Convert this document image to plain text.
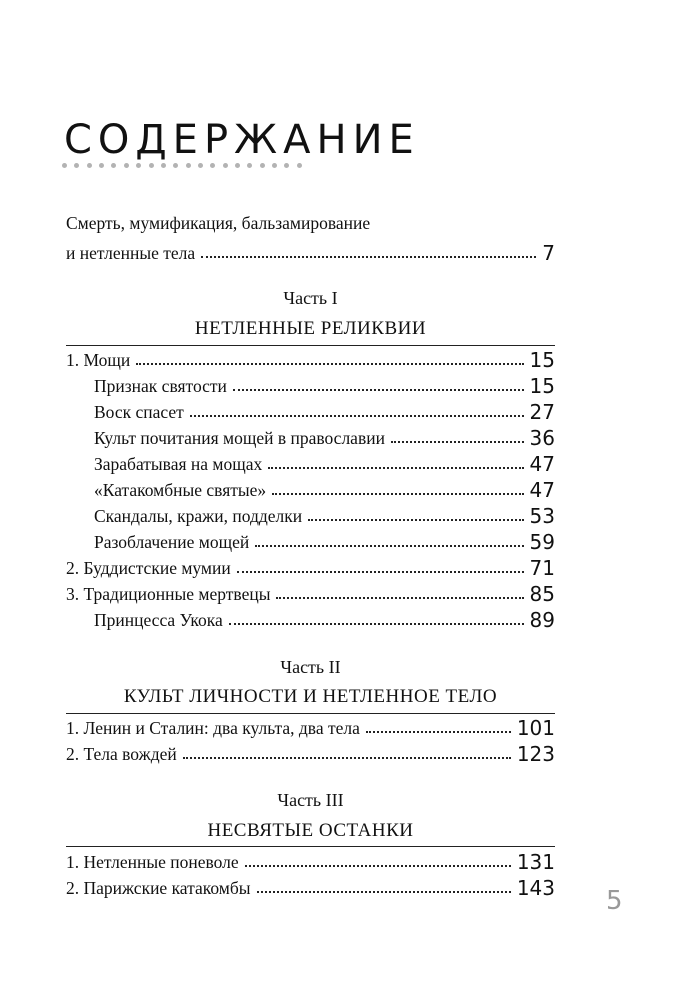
СОДЕРЖАНИЕ
Смерть, мумификация, бальзамирование
и нетленные тела	7
Часть I
НЕТЛЕННЫЕ РЕЛИКВИИ
1. Мощи	15
Признак святости	15
Воск спасет	27
Культ почитания мощей в православии	36
Зарабатывая на мощах	47
«Катакомбные святые»	47
Скандалы, кражи, подделки	53
Разоблачение мощей	59
2. Буддистские мумии	71
3. Традиционные мертвецы	85
Принцесса Укока	89
Часть II
КУЛЬТ ЛИЧНОСТИ И НЕТЛЕННОЕ ТЕЛО
1. Ленин и Сталин: два культа, два тела	101
2. Тела вождей	123
Часть III
НЕСВЯТЫЕ ОСТАНКИ
1. Нетленные поневоле	131
2. Парижские катакомбы	143 5
